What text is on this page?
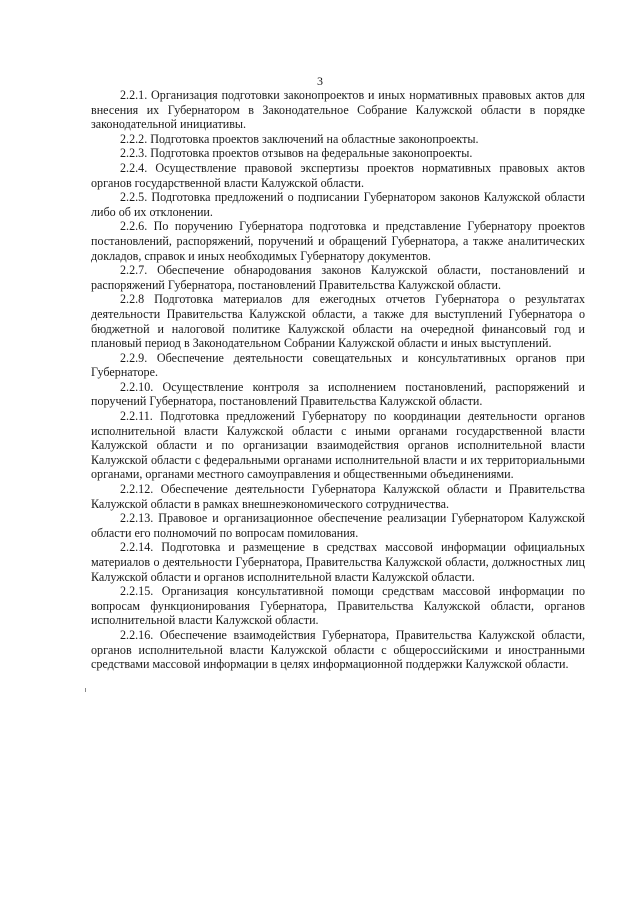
3

2.2.1. Организация подготовки законопроектов и иных нормативных правовых актов для внесения их Губернатором в Законодательное Собрание Калужской области в порядке законодательной инициативы.

2.2.2. Подготовка проектов заключений на областные законопроекты.

2.2.3. Подготовка проектов отзывов на федеральные законопроекты.

2.2.4. Осуществление правовой экспертизы проектов нормативных правовых актов органов государственной власти Калужской области.

2.2.5. Подготовка предложений о подписании Губернатором законов Калужской области либо об их отклонении.

2.2.6. По поручению Губернатора подготовка и представление Губернатору проектов постановлений, распоряжений, поручений и обращений Губернатора, а также аналитических докладов, справок и иных необходимых Губернатору документов.

2.2.7. Обеспечение обнародования законов Калужской области, постановлений и распоряжений Губернатора, постановлений Правительства Калужской области.

2.2.8 Подготовка материалов для ежегодных отчетов Губернатора о результатах деятельности Правительства Калужской области, а также для выступлений Губернатора о бюджетной и налоговой политике Калужской области на очередной финансовый год и плановый период в Законодательном Собрании Калужской области и иных выступлений.

2.2.9. Обеспечение деятельности совещательных и консультативных органов при Губернаторе.

2.2.10. Осуществление контроля за исполнением постановлений, распоряжений и поручений Губернатора, постановлений Правительства Калужской области.

2.2.11. Подготовка предложений Губернатору по координации деятельности органов исполнительной власти Калужской области с иными органами государственной власти Калужской области и по организации взаимодействия органов исполнительной власти Калужской области с федеральными органами исполнительной власти и их территориальными органами, органами местного самоуправления и общественными объединениями.

2.2.12. Обеспечение деятельности Губернатора Калужской области и Правительства Калужской области в рамках внешнеэкономического сотрудничества.

2.2.13. Правовое и организационное обеспечение реализации Губернатором Калужской области его полномочий по вопросам помилования.

2.2.14. Подготовка и размещение в средствах массовой информации официальных материалов о деятельности Губернатора, Правительства Калужской области, должностных лиц Калужской области и органов исполнительной власти Калужской области.

2.2.15. Организация консультативной помощи средствам массовой информации по вопросам функционирования Губернатора, Правительства Калужской области, органов исполнительной власти Калужской области.

2.2.16. Обеспечение взаимодействия Губернатора, Правительства Калужской области, органов исполнительной власти Калужской области с общероссийскими и иностранными средствами массовой информации в целях информационной поддержки Калужской области.
